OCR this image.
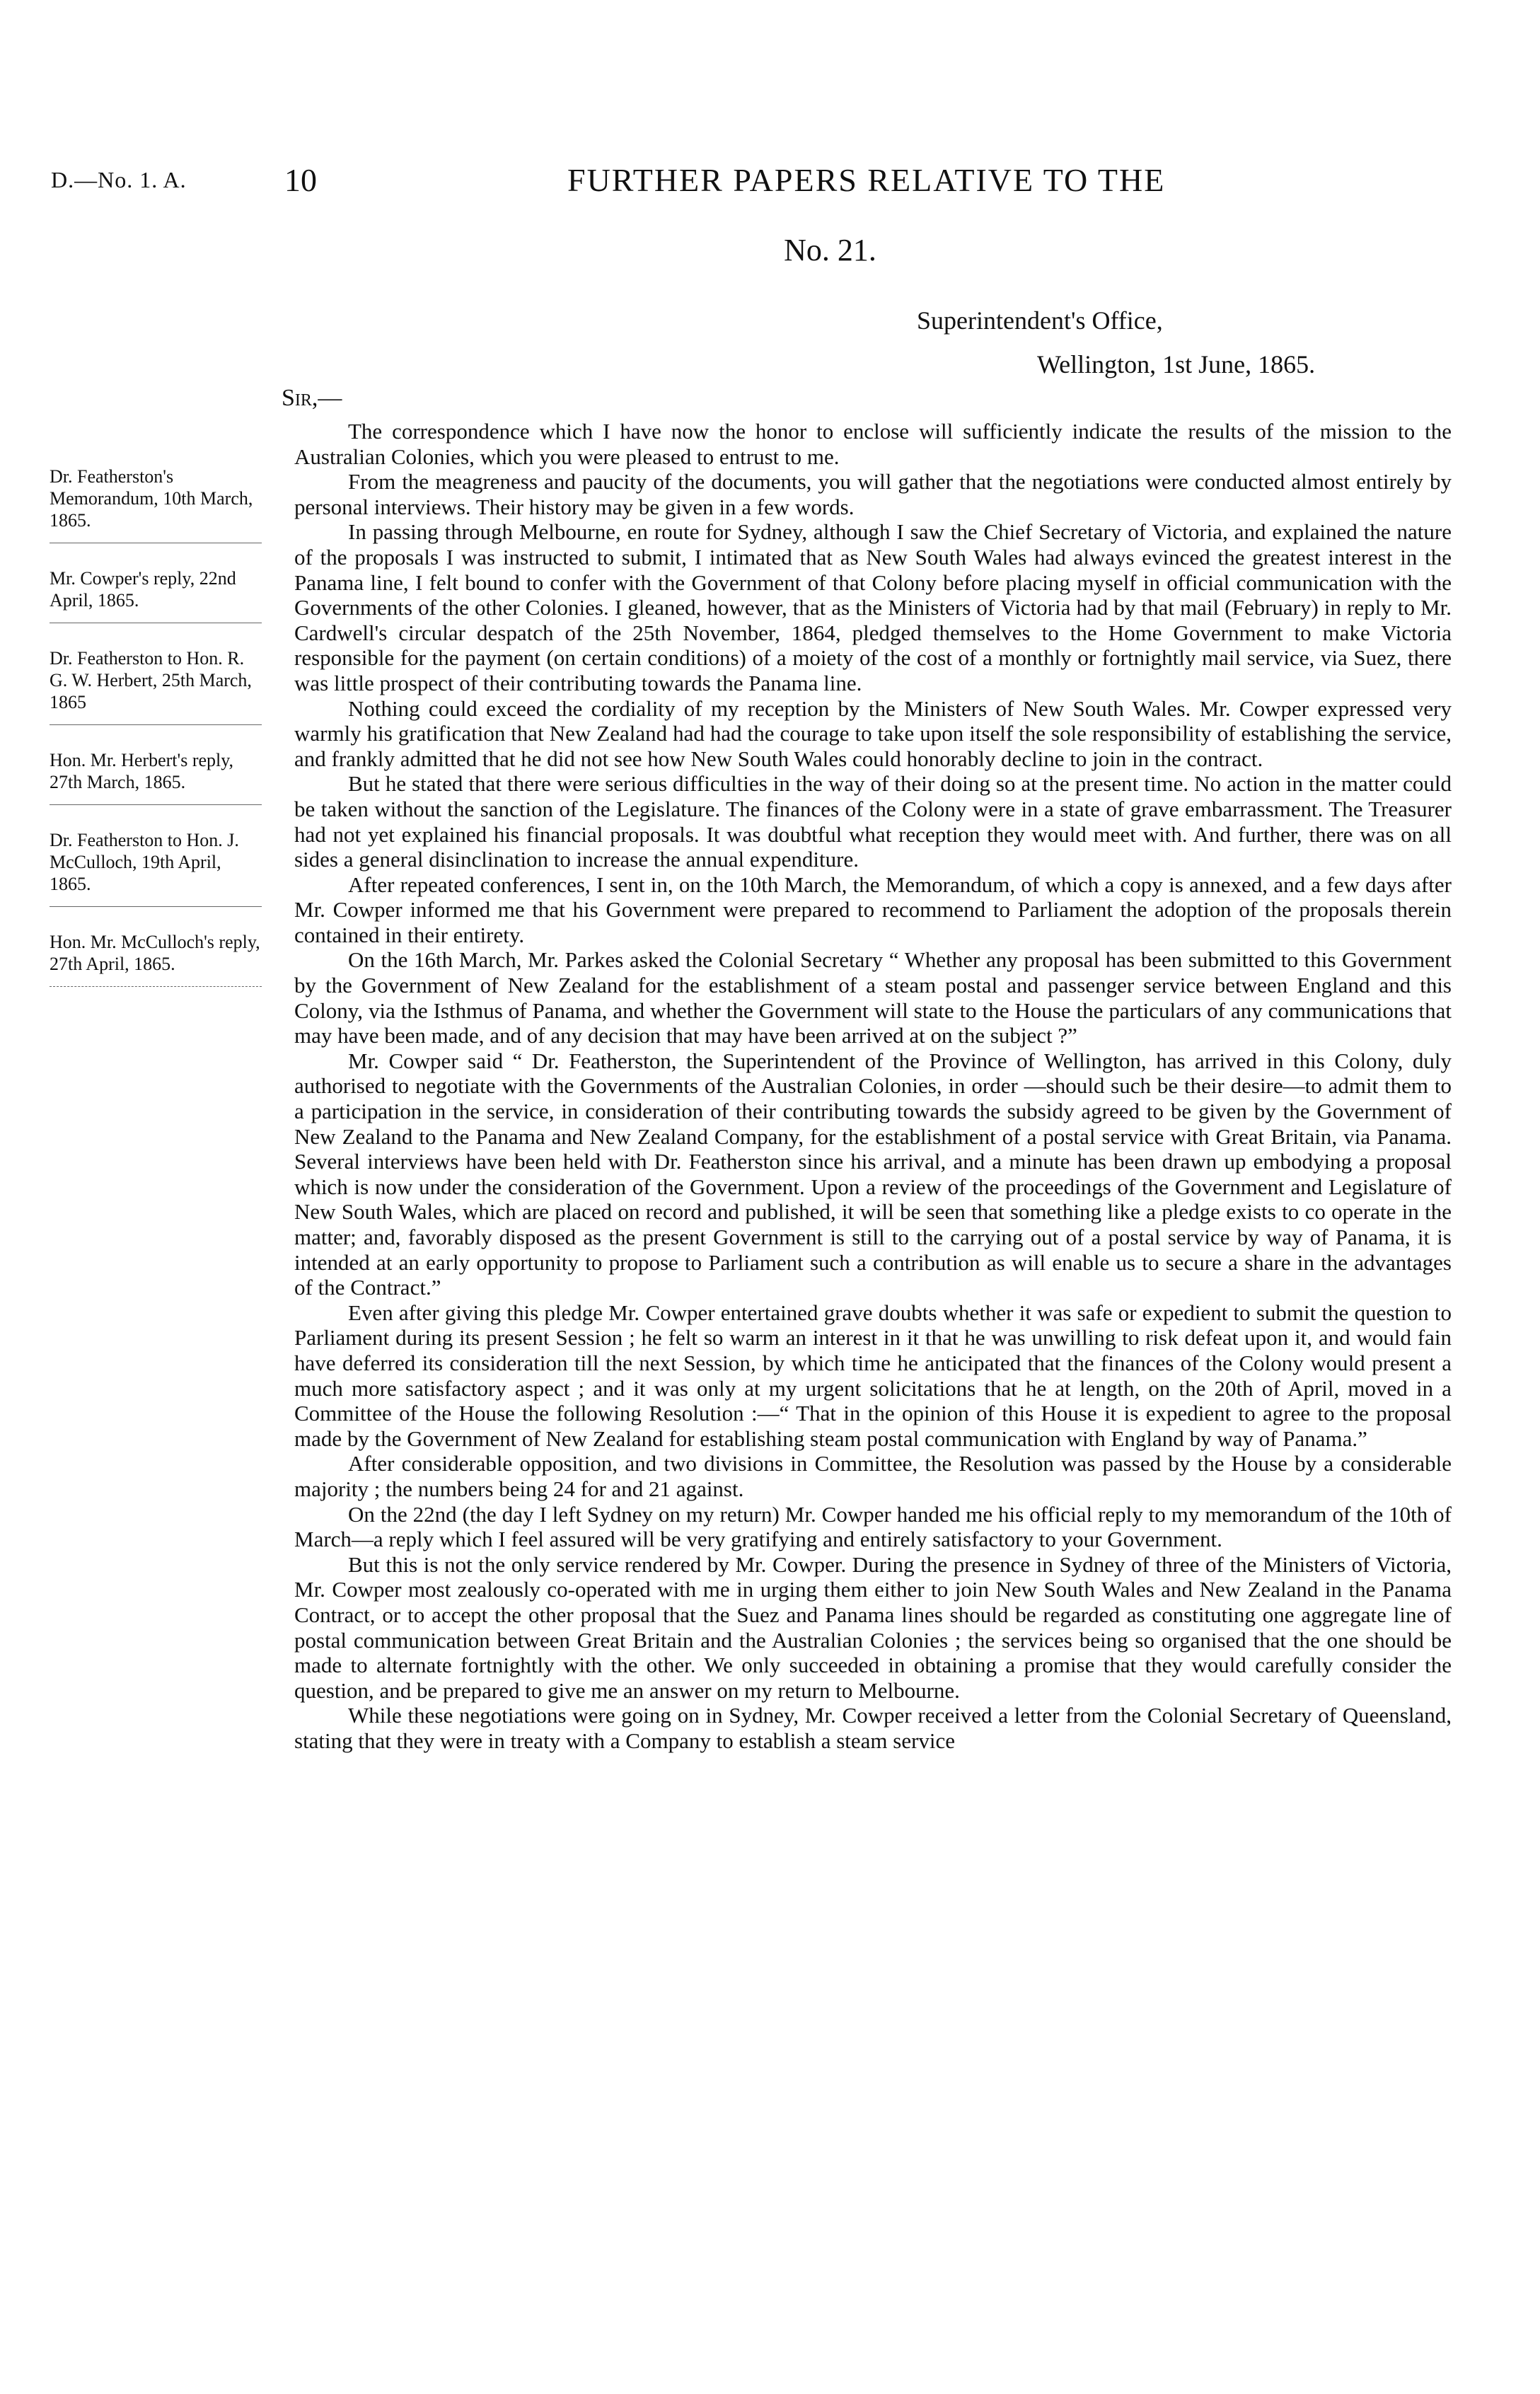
D.—No. 1. A.	10	FURTHER PAPERS RELATIVE TO THE
No. 21.
Superintendent's Office,
Wellington, 1st June, 1865.
Sir,—

Dr. Featherston's Memorandum, 10th March, 1865.

Mr. Cowper's reply, 22nd April, 1865.

Dr. Featherston to Hon. R. G. W. Herbert, 25th March, 1865

Hon. Mr. Herbert's reply, 27th March, 1865.

Dr. Featherston to Hon. J. McCulloch, 19th April, 1865.

Hon. Mr. McCulloch's reply, 27th April, 1865.

The correspondence which I have now the honor to enclose will sufficiently indicate the results of the mission to the Australian Colonies, which you were pleased to entrust to me.

From the meagreness and paucity of the documents, you will gather that the negotiations were conducted almost entirely by personal interviews. Their history may be given in a few words.

In passing through Melbourne, en route for Sydney, although I saw the Chief Secretary of Victoria, and explained the nature of the proposals I was instructed to submit, I intimated that as New South Wales had always evinced the greatest interest in the Panama line, I felt bound to confer with the Government of that Colony before placing myself in official communication with the Governments of the other Colonies. I gleaned, however, that as the Ministers of Victoria had by that mail (February) in reply to Mr. Cardwell's circular despatch of the 25th November, 1864, pledged themselves to the Home Government to make Victoria responsible for the payment (on certain conditions) of a moiety of the cost of a monthly or fortnightly mail service, via Suez, there was little prospect of their contributing towards the Panama line.

Nothing could exceed the cordiality of my reception by the Ministers of New South Wales. Mr. Cowper expressed very warmly his gratification that New Zealand had had the courage to take upon itself the sole responsibility of establishing the service, and frankly admitted that he did not see how New South Wales could honorably decline to join in the contract.

But he stated that there were serious difficulties in the way of their doing so at the present time. No action in the matter could be taken without the sanction of the Legislature. The finances of the Colony were in a state of grave embarrassment. The Treasurer had not yet explained his financial proposals. It was doubtful what reception they would meet with. And further, there was on all sides a general disinclination to increase the annual expenditure.

After repeated conferences, I sent in, on the 10th March, the Memorandum, of which a copy is annexed, and a few days after Mr. Cowper informed me that his Government were prepared to recommend to Parliament the adoption of the proposals therein contained in their entirety.

On the 16th March, Mr. Parkes asked the Colonial Secretary “ Whether any proposal has been submitted to this Government by the Government of New Zealand for the establishment of a steam postal and passenger service between England and this Colony, via the Isthmus of Panama, and whether the Government will state to the House the particulars of any communications that may have been made, and of any decision that may have been arrived at on the subject ?”

Mr. Cowper said “ Dr. Featherston, the Superintendent of the Province of Wellington, has arrived in this Colony, duly authorised to negotiate with the Governments of the Australian Colonies, in order —should such be their desire—to admit them to a participation in the service, in consideration of their contributing towards the subsidy agreed to be given by the Government of New Zealand to the Panama and New Zealand Company, for the establishment of a postal service with Great Britain, via Panama. Several interviews have been held with Dr. Featherston since his arrival, and a minute has been drawn up embodying a proposal which is now under the consideration of the Government. Upon a review of the proceedings of the Government and Legislature of New South Wales, which are placed on record and published, it will be seen that something like a pledge exists to co operate in the matter; and, favorably disposed as the present Government is still to the carrying out of a postal service by way of Panama, it is intended at an early opportunity to propose to Parliament such a contribution as will enable us to secure a share in the advantages of the Contract.”

Even after giving this pledge Mr. Cowper entertained grave doubts whether it was safe or expedient to submit the question to Parliament during its present Session ; he felt so warm an interest in it that he was unwilling to risk defeat upon it, and would fain have deferred its consideration till the next Session, by which time he anticipated that the finances of the Colony would present a much more satisfactory aspect ; and it was only at my urgent solicitations that he at length, on the 20th of April, moved in a Committee of the House the following Resolution :—“ That in the opinion of this House it is expedient to agree to the proposal made by the Government of New Zealand for establishing steam postal communication with England by way of Panama.”

After considerable opposition, and two divisions in Committee, the Resolution was passed by the House by a considerable majority ; the numbers being 24 for and 21 against.

On the 22nd (the day I left Sydney on my return) Mr. Cowper handed me his official reply to my memorandum of the 10th of March—a reply which I feel assured will be very gratifying and entirely satisfactory to your Government.

But this is not the only service rendered by Mr. Cowper. During the presence in Sydney of three of the Ministers of Victoria, Mr. Cowper most zealously co-operated with me in urging them either to join New South Wales and New Zealand in the Panama Contract, or to accept the other proposal that the Suez and Panama lines should be regarded as constituting one aggregate line of postal communication between Great Britain and the Australian Colonies ; the services being so organised that the one should be made to alternate fortnightly with the other. We only succeeded in obtaining a promise that they would carefully consider the question, and be prepared to give me an answer on my return to Melbourne.

While these negotiations were going on in Sydney, Mr. Cowper received a letter from the Colonial Secretary of Queensland, stating that they were in treaty with a Company to establish a steam service
